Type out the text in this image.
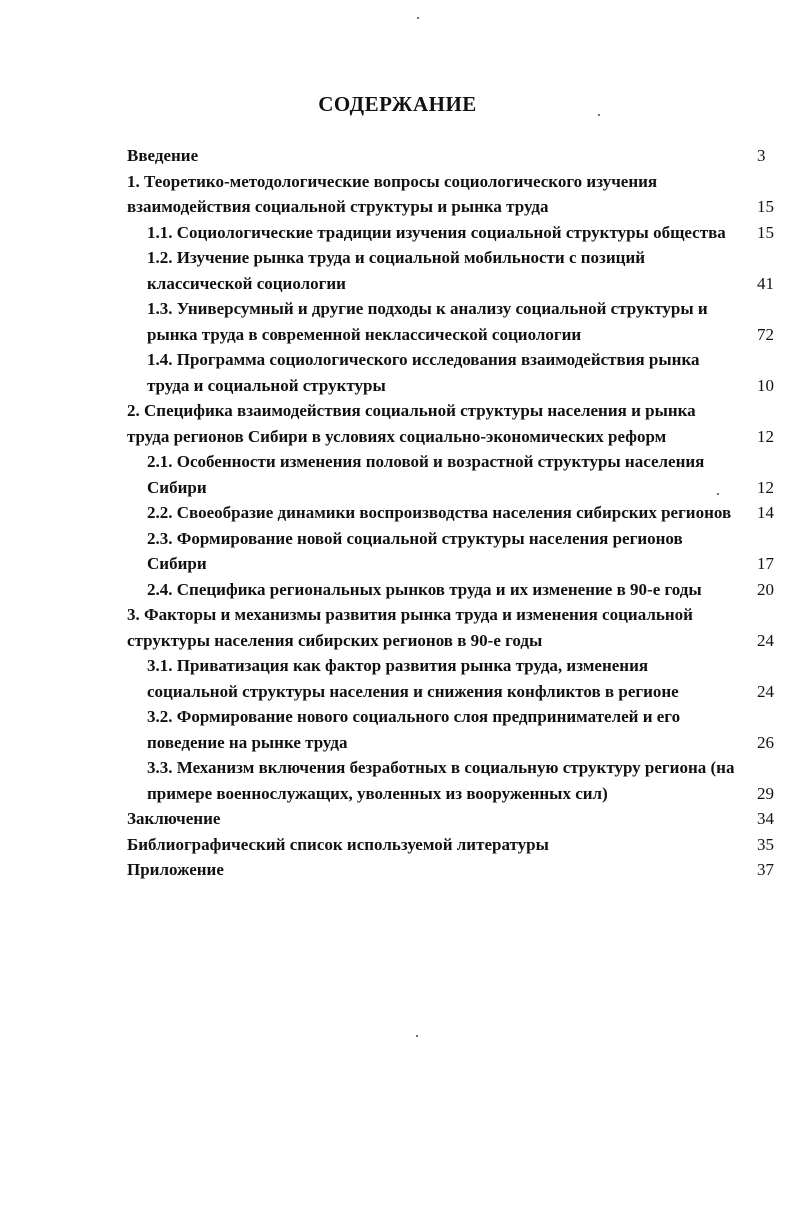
СОДЕРЖАНИЕ
Введение	3
1. Теоретико-методологические вопросы социологического изучения взаимодействия социальной структуры и рынка труда	15
1.1. Социологические традиции изучения социальной структуры общества	15
1.2. Изучение рынка труда и социальной мобильности с позиций классической социологии	41
1.3. Универсумный и другие подходы к анализу социальной структуры и рынка труда в современной неклассической социологии	72
1.4. Программа социологического исследования взаимодействия рынка труда и социальной структуры	10
2. Специфика взаимодействия социальной структуры населения и рынка труда регионов Сибири в условиях социально-экономических реформ	12
2.1. Особенности изменения половой и возрастной структуры населения Сибири	12
2.2. Своеобразие динамики воспроизводства населения сибирских регионов	14
2.3. Формирование новой социальной структуры населения регионов Сибири	17
2.4. Специфика региональных рынков труда и их изменение в 90-е годы	20
3. Факторы и механизмы развития рынка труда и изменения социальной структуры населения сибирских регионов в 90-е годы	24
3.1. Приватизация как фактор развития рынка труда, изменения социальной структуры населения и снижения конфликтов в регионе	24
3.2. Формирование нового социального слоя предпринимателей и его поведение на рынке труда	26
3.3. Механизм включения безработных в социальную структуру региона (на примере военнослужащих, уволенных из вооруженных сил)	29
Заключение	34
Библиографический список используемой литературы	35
Приложение	37
